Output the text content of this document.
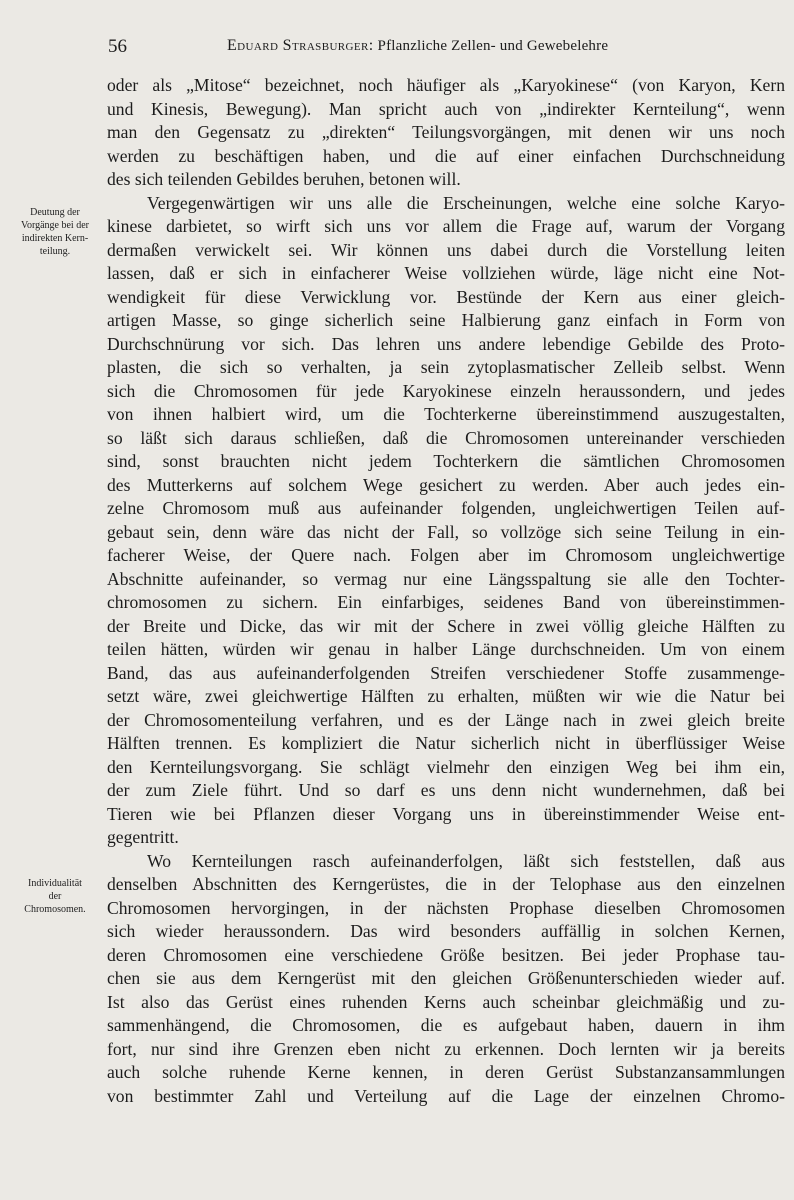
56	Eduard Strasburger: Pflanzliche Zellen- und Gewebelehre
Deutung der
Vorgänge bei der
indirekten Kern-
teilung.
Individualität
der
Chromosomen.
oder als „Mitose“ bezeichnet, noch häufiger als „Karyokinese“ (von Karyon, Kern
und Kinesis, Bewegung). Man spricht auch von „indirekter Kernteilung“, wenn
man den Gegensatz zu „direkten“ Teilungsvorgängen, mit denen wir uns noch
werden zu beschäftigen haben, und die auf einer einfachen Durchschneidung
des sich teilenden Gebildes beruhen, betonen will.
Vergegenwärtigen wir uns alle die Erscheinungen, welche eine solche Karyo-
kinese darbietet, so wirft sich uns vor allem die Frage auf, warum der Vorgang
dermaßen verwickelt sei. Wir können uns dabei durch die Vorstellung leiten
lassen, daß er sich in einfacherer Weise vollziehen würde, läge nicht eine Not-
wendigkeit für diese Verwicklung vor. Bestünde der Kern aus einer gleich-
artigen Masse, so ginge sicherlich seine Halbierung ganz einfach in Form von
Durchschnürung vor sich. Das lehren uns andere lebendige Gebilde des Proto-
plasten, die sich so verhalten, ja sein zytoplasmatischer Zelleib selbst. Wenn
sich die Chromosomen für jede Karyokinese einzeln heraussondern, und jedes
von ihnen halbiert wird, um die Tochterkerne übereinstimmend auszugestalten,
so läßt sich daraus schließen, daß die Chromosomen untereinander verschieden
sind, sonst brauchten nicht jedem Tochterkern die sämtlichen Chromosomen
des Mutterkerns auf solchem Wege gesichert zu werden. Aber auch jedes ein-
zelne Chromosom muß aus aufeinander folgenden, ungleichwertigen Teilen auf-
gebaut sein, denn wäre das nicht der Fall, so vollzöge sich seine Teilung in ein-
facherer Weise, der Quere nach. Folgen aber im Chromosom ungleichwertige
Abschnitte aufeinander, so vermag nur eine Längsspaltung sie alle den Tochter-
chromosomen zu sichern. Ein einfarbiges, seidenes Band von übereinstimmen-
der Breite und Dicke, das wir mit der Schere in zwei völlig gleiche Hälften zu
teilen hätten, würden wir genau in halber Länge durchschneiden. Um von einem
Band, das aus aufeinanderfolgenden Streifen verschiedener Stoffe zusammenge-
setzt wäre, zwei gleichwertige Hälften zu erhalten, müßten wir wie die Natur bei
der Chromosomenteilung verfahren, und es der Länge nach in zwei gleich breite
Hälften trennen. Es kompliziert die Natur sicherlich nicht in überflüssiger Weise
den Kernteilungsvorgang. Sie schlägt vielmehr den einzigen Weg bei ihm ein,
der zum Ziele führt. Und so darf es uns denn nicht wundernehmen, daß bei
Tieren wie bei Pflanzen dieser Vorgang uns in übereinstimmender Weise ent-
gegentritt.
Wo Kernteilungen rasch aufeinanderfolgen, läßt sich feststellen, daß aus
denselben Abschnitten des Kerngerüstes, die in der Telophase aus den einzelnen
Chromosomen hervorgingen, in der nächsten Prophase dieselben Chromosomen
sich wieder heraussondern. Das wird besonders auffällig in solchen Kernen,
deren Chromosomen eine verschiedene Größe besitzen. Bei jeder Prophase tau-
chen sie aus dem Kerngerüst mit den gleichen Größenunterschieden wieder auf.
Ist also das Gerüst eines ruhenden Kerns auch scheinbar gleichmäßig und zu-
sammenhängend, die Chromosomen, die es aufgebaut haben, dauern in ihm
fort, nur sind ihre Grenzen eben nicht zu erkennen. Doch lernten wir ja bereits
auch solche ruhende Kerne kennen, in deren Gerüst Substanzansammlungen
von bestimmter Zahl und Verteilung auf die Lage der einzelnen Chromo-
